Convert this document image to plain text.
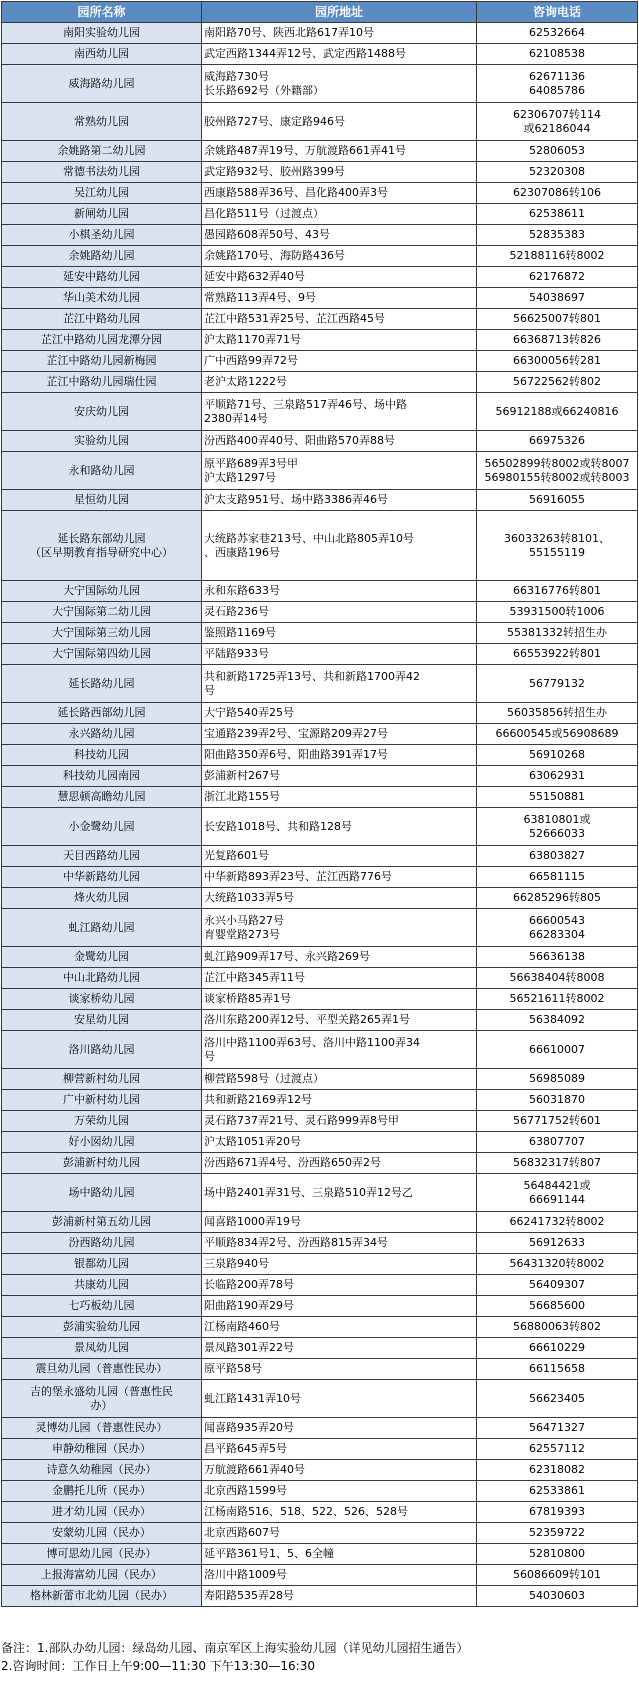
园所名称	园所地址	咨询电话

南阳实验幼儿园	南阳路70号、陕西北路617弄10号	62532664

南西幼儿园	武定西路1344弄12号、武定西路1488号	62108538

威海路幼儿园	威海路730号
长乐路692号（外籍部）	62671136
64085786

常熟幼儿园	胶州路727号、康定路946号	62306707转114
或6218604​4

余姚路第二幼儿园	余姚路487弄19号、万航渡路661弄41号	52806053

常德书法幼儿园	武定路932号、胶州路399号	52320308

吴江幼儿园	西康路588弄36号、昌化路400弄3号	62307086转106

新闸幼儿园	昌化路511号（过渡点）	62538611

小棋圣幼儿园	愚园路608弄50号、43号	52835383

余姚路幼儿园	余姚路170号、海防路436号	52188116转8002

延安中路幼儿园	延安中路632弄40号	62176872

华山美术幼儿园	常熟路113弄4号、9号	54038697

芷江中路幼儿园	芷江中路531弄25号、芷江西路45号	56625007转801

芷江中路幼儿园龙潭分园	沪太路1170弄71号	66368713转826

芷江中路幼儿园新梅园	广中西路99弄72号	66300056转281

芷江中路幼儿园瑞仕园	老沪太路1222号	56722562转802

安庆幼儿园	平顺路71号、三泉路517弄46号、场中路
2380弄14号	56912188或66240816

实验幼儿园	汾西路400弄40号、阳曲路570弄88号	66975326

永和路幼儿园	原平路689弄3号甲
沪太路1297号	56502899转8002或转8007
56980155转8002或转8003

星恒幼儿园	沪太支路951号、场中路3386弄46号	56916055

延长路东部幼儿园
（区早期教育指导研究中心）	大统路苏家巷213号、中山北路805弄10号
、西康路196号	36033263转8101、
55155119

大宁国际幼儿园	永和东路633号	66316776转801

大宁国际第二幼儿园	灵石路236号	53931500转1006

大宁国际第三幼儿园	鉴照路1169号	55381332转招生办

大宁国际第四幼儿园	平陆路933号	66553922转801

延长路幼儿园	共和新路1725弄13号、共和新路1700弄42
号	56779132

延长路西部幼儿园	大宁路540弄25号	56035856转招生办

永兴路幼儿园	宝通路239弄2号、宝源路209弄27号	66600545或56908689

科技幼儿园	阳曲路350弄6号、阳曲路391弄17号	56910268

科技幼儿园南园	彭浦新村267号	63062931

慧思顿高瞻幼儿园	浙江北路155号	55150881

小金鹭幼儿园	长安路1018号、共和路128号	63810801或
52666033

天目西路幼儿园	光复路601号	63803827

中华新路幼儿园	中华新路893弄23号、芷江西路776号	66581115

烽火幼儿园	大统路1033弄5号	66285296转805

虬江路幼儿园	永兴小马路27号
育婴堂路273号	66600543
66283304

金鹭幼儿园	虬江路909弄17号、永兴路269号	56636138

中山北路幼儿园	芷江中路345弄11号	56638404转8008

谈家桥幼儿园	谈家桥路85弄1号	56521611转8002

安星幼儿园	洛川东路200弄12号、平型关路265弄1号	56384092

洛川路幼儿园	洛川中路1100弄63号、洛川中路1100弄34
号	66610007

柳营新村幼儿园	柳营路598号（过渡点）	56985089

广中新村幼儿园	共和新路2169弄12号	56031870

万荣幼儿园	灵石路737弄21号、灵石路999弄8号甲	56771752转601

好小囡幼儿园	沪太路1051弄20号	63807707

彭浦新村幼儿园	汾西路671弄4号、汾西路650弄2号	56832317转807

场中路幼儿园	场中路2401弄31号、三泉路510弄12号乙	56484421或
66691144

彭浦新村第五幼儿园	闻喜路1000弄19号	66241732转8002

汾西路幼儿园	平顺路834弄2号、汾西路815弄34号	56912633

银都幼儿园	三泉路940号	56431320转8002

共康幼儿园	长临路200弄78号	56409307

七巧板幼儿园	阳曲路190弄29号	56685600

彭浦实验幼儿园	江杨南路460号	56880063转802

景凤幼儿园	景凤路301弄22号	66610229

震旦幼儿园（普惠性民办）	原平路58号	66115658

吉的堡永盛幼儿园（普惠性民
办）	虬江路1431弄10号	56623405

灵博幼儿园（普惠性民办）	闻喜路935弄20号	56471327

申静幼稚园（民办）	昌平路645弄5号	62557112

诗意久幼稚园（民办）	万航渡路661弄40号	62318082

金鹏托儿所（民办）	北京西路1599号	62533861

进才幼儿园（民办）	江杨南路516、518、522、526、528号	67819393

安蒙幼儿园（民办）	北京西路607号	52359722

博可思幼儿园（民办）	延平路361号1、5、6全幢	52810800

上报海富幼儿园（民办）	洛川中路1009号	56086609转101

格林新蕾市北幼儿园（民办）	寿阳路535弄28号	54030603
备注：1.部队办幼儿园：绿岛幼儿园、南京军区上海实验幼儿园（详见幼儿园招生通告）
2.咨询时间：工作日上午9:00—11:30 下午13:30—16:30
